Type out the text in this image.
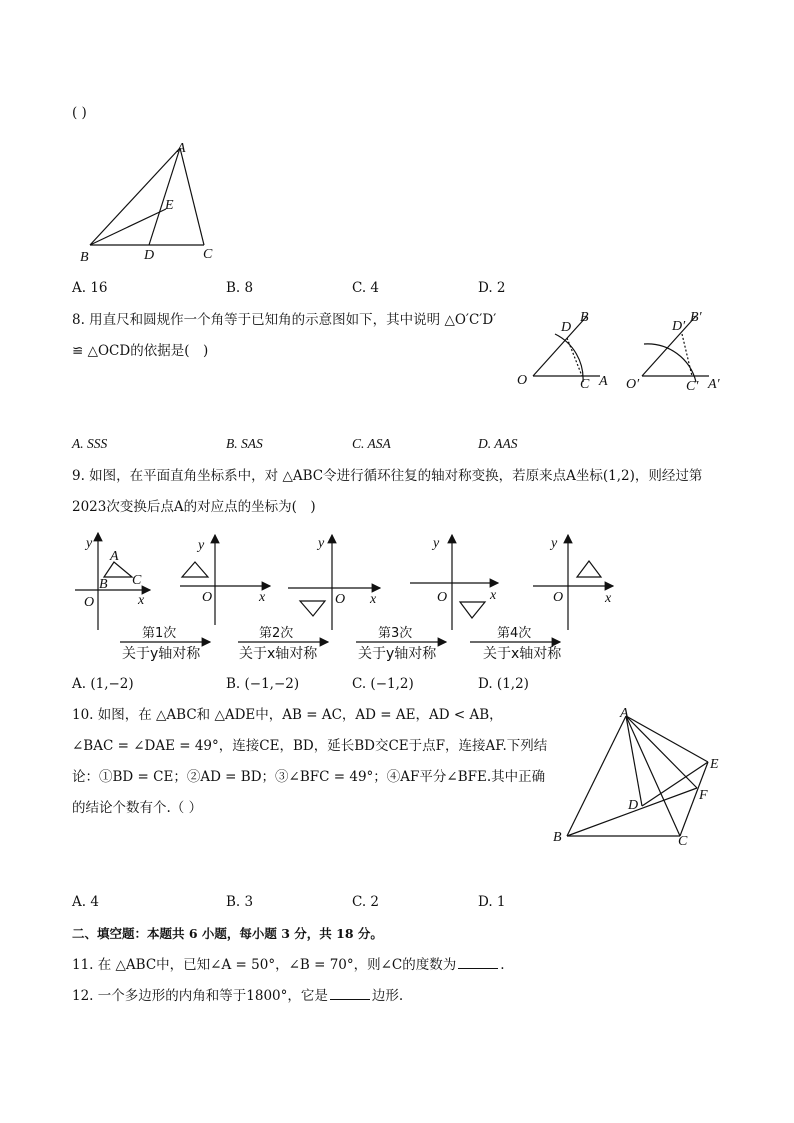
( )
A
B	C
D
E
A. 16	B. 8	C. 4	D. 2
8. 用直尺和圆规作一个角等于已知角的示意图如下，其中说明 △O′C′D′
≌ △OCD的依据是(　)
O	C A
D
B
O′	C′ A′
D′
B′
A. SSS	B. SAS	C. ASA	D. AAS
9. 如图，在平面直角坐标系中，对 △ABC令进行循环往复的轴对称变换，若原来点A坐标(1,2)，则经过第
2023次变换后点A的对应点的坐标为(　)
y
x
O
A
B C
y
x
O
y
x
O
y
x
O
y
x
O
第1次
关于y轴对称
第2次
关于x轴对称
第3次
关于y轴对称
第4次
关于x轴对称
A. (1,−2)	B. (−1,−2)	C. (−1,2)	D. (1,2)
10. 如图，在 △ABC和 △ADE中，AB = AC，AD = AE，AD < AB，
∠BAC = ∠DAE = 49°，连接CE，BD，延长BD交CE于点F，连接AF.下列结
论：①BD = CE；②AD = BD；③∠BFC = 49°；④AF平分∠BFE.其中正确
的结论个数有个.（ ）
A
B	C
D
E
F
A. 4	B. 3	C. 2	D. 1
二、填空题：本题共 6 小题，每小题 3 分，共 18 分。
11. 在 △ABC中，已知∠A = 50°，∠B = 70°，则∠C的度数为	.
12. 一个多边形的内角和等于1800°，它是	边形.
